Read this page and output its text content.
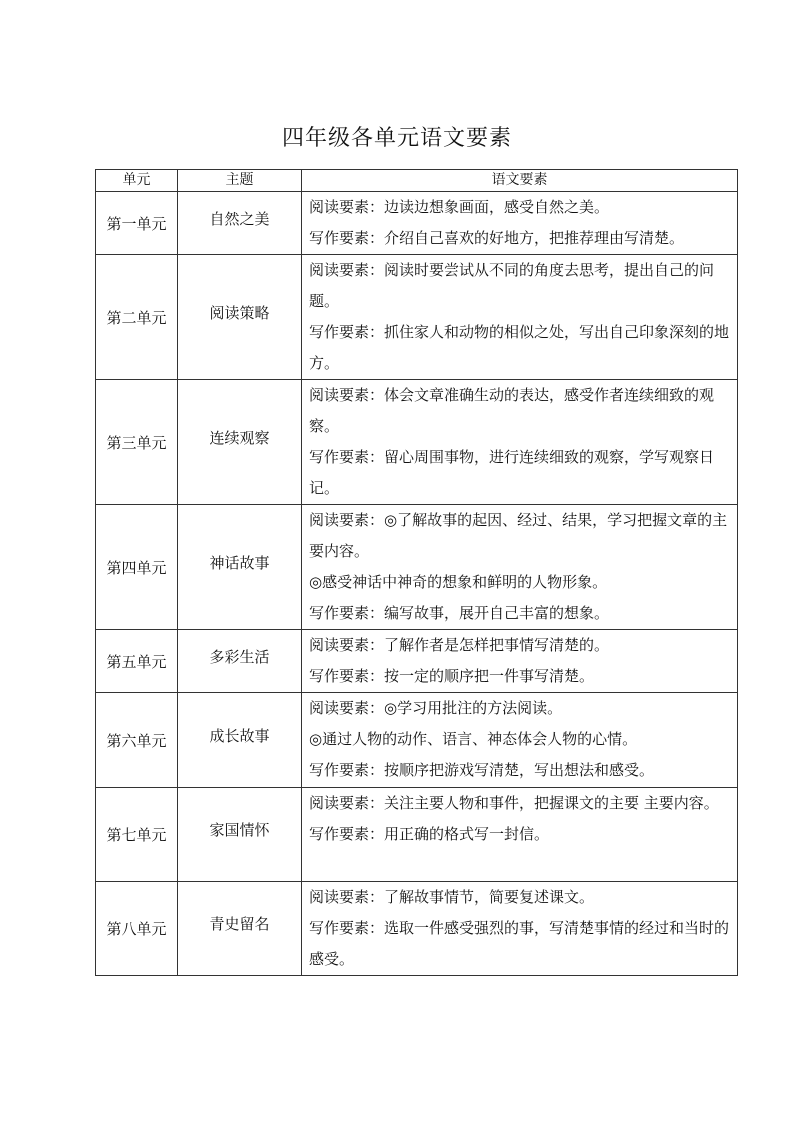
四年级各单元语文要素
单元	主题	语文要素
第一单元	自然之美	阅读要素：边读边想象画面，感受自然之美。
写作要素：介绍自己喜欢的好地方，把推荐理由写清楚。

第二单元	阅读策略	阅读要素：阅读时要尝试从不同的角度去思考，提出自己的问题。
写作要素：抓住家人和动物的相似之处，写出自己印象深刻的地方。

第三单元	连续观察	阅读要素：体会文章准确生动的表达，感受作者连续细致的观察。
写作要素：留心周围事物，进行连续细致的观察，学写观察日记。

第四单元	神话故事	阅读要素：◎了解故事的起因、经过、结果，学习把握文章的主要内容。
◎感受神话中神奇的想象和鲜明的人物形象。
写作要素：编写故事，展开自己丰富的想象。

第五单元	多彩生活	阅读要素：了解作者是怎样把事情写清楚的。
写作要素：按一定的顺序把一件事写清楚。

第六单元	成长故事	阅读要素：◎学习用批注的方法阅读。
◎通过人物的动作、语言、神态体会人物的心情。
写作要素：按顺序把游戏写清楚，写出想法和感受。

第七单元	家国情怀	阅读要素：关注主要人物和事件，把握课文的主要 主要内容。
写作要素：用正确的格式写一封信。

第八单元	青史留名	阅读要素：了解故事情节，简要复述课文。
写作要素：选取一件感受强烈的事，写清楚事情的经过和当时的感受。
